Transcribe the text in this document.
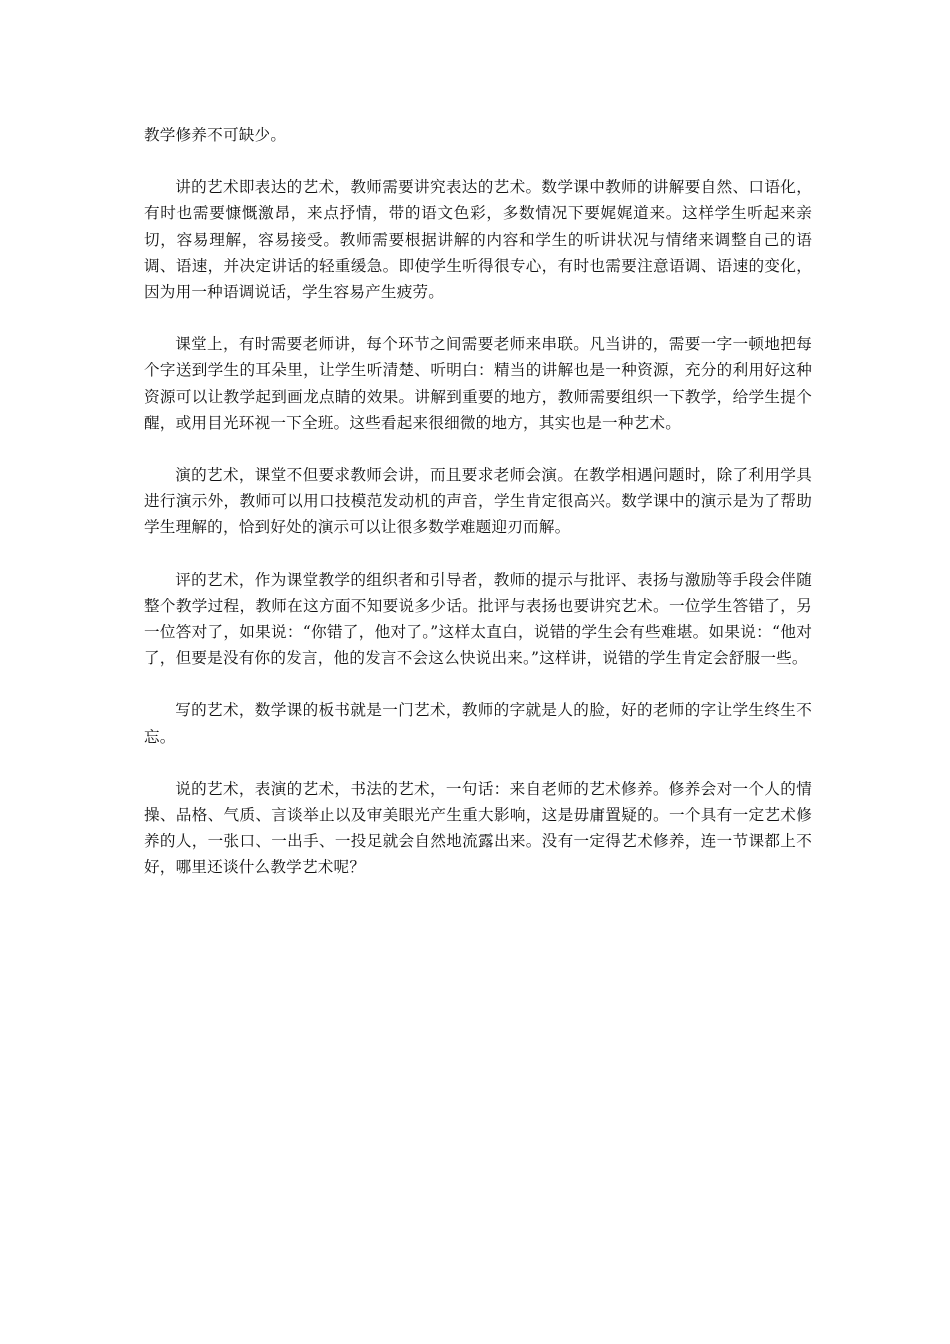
教学修养不可缺少。

讲的艺术即表达的艺术，教师需要讲究表达的艺术。数学课中教师的讲解要自然、口语化，有时也需要慷慨激昂，来点抒情，带的语文色彩，多数情况下要娓娓道来。这样学生听起来亲切，容易理解，容易接受。教师需要根据讲解的内容和学生的听讲状况与情绪来调整自己的语调、语速，并决定讲话的轻重缓急。即使学生听得很专心，有时也需要注意语调、语速的变化，因为用一种语调说话，学生容易产生疲劳。

课堂上，有时需要老师讲，每个环节之间需要老师来串联。凡当讲的，需要一字一顿地把每个字送到学生的耳朵里，让学生听清楚、听明白：精当的讲解也是一种资源，充分的利用好这种资源可以让教学起到画龙点睛的效果。讲解到重要的地方，教师需要组织一下教学，给学生提个醒，或用目光环视一下全班。这些看起来很细微的地方，其实也是一种艺术。

演的艺术，课堂不但要求教师会讲，而且要求老师会演。在教学相遇问题时，除了利用学具进行演示外，教师可以用口技模范发动机的声音，学生肯定很高兴。数学课中的演示是为了帮助学生理解的，恰到好处的演示可以让很多数学难题迎刃而解。

评的艺术，作为课堂教学的组织者和引导者，教师的提示与批评、表扬与激励等手段会伴随整个教学过程，教师在这方面不知要说多少话。批评与表扬也要讲究艺术。一位学生答错了，另一位答对了，如果说：“你错了，他对了。”这样太直白，说错的学生会有些难堪。如果说：“他对了，但要是没有你的发言，他的发言不会这么快说出来。”这样讲，说错的学生肯定会舒服一些。

写的艺术，数学课的板书就是一门艺术，教师的字就是人的脸，好的老师的字让学生终生不忘。

说的艺术，表演的艺术，书法的艺术，一句话：来自老师的艺术修养。修养会对一个人的情操、品格、气质、言谈举止以及审美眼光产生重大影响，这是毋庸置疑的。一个具有一定艺术修养的人，一张口、一出手、一投足就会自然地流露出来。没有一定得艺术修养，连一节课都上不好，哪里还谈什么教学艺术呢？
